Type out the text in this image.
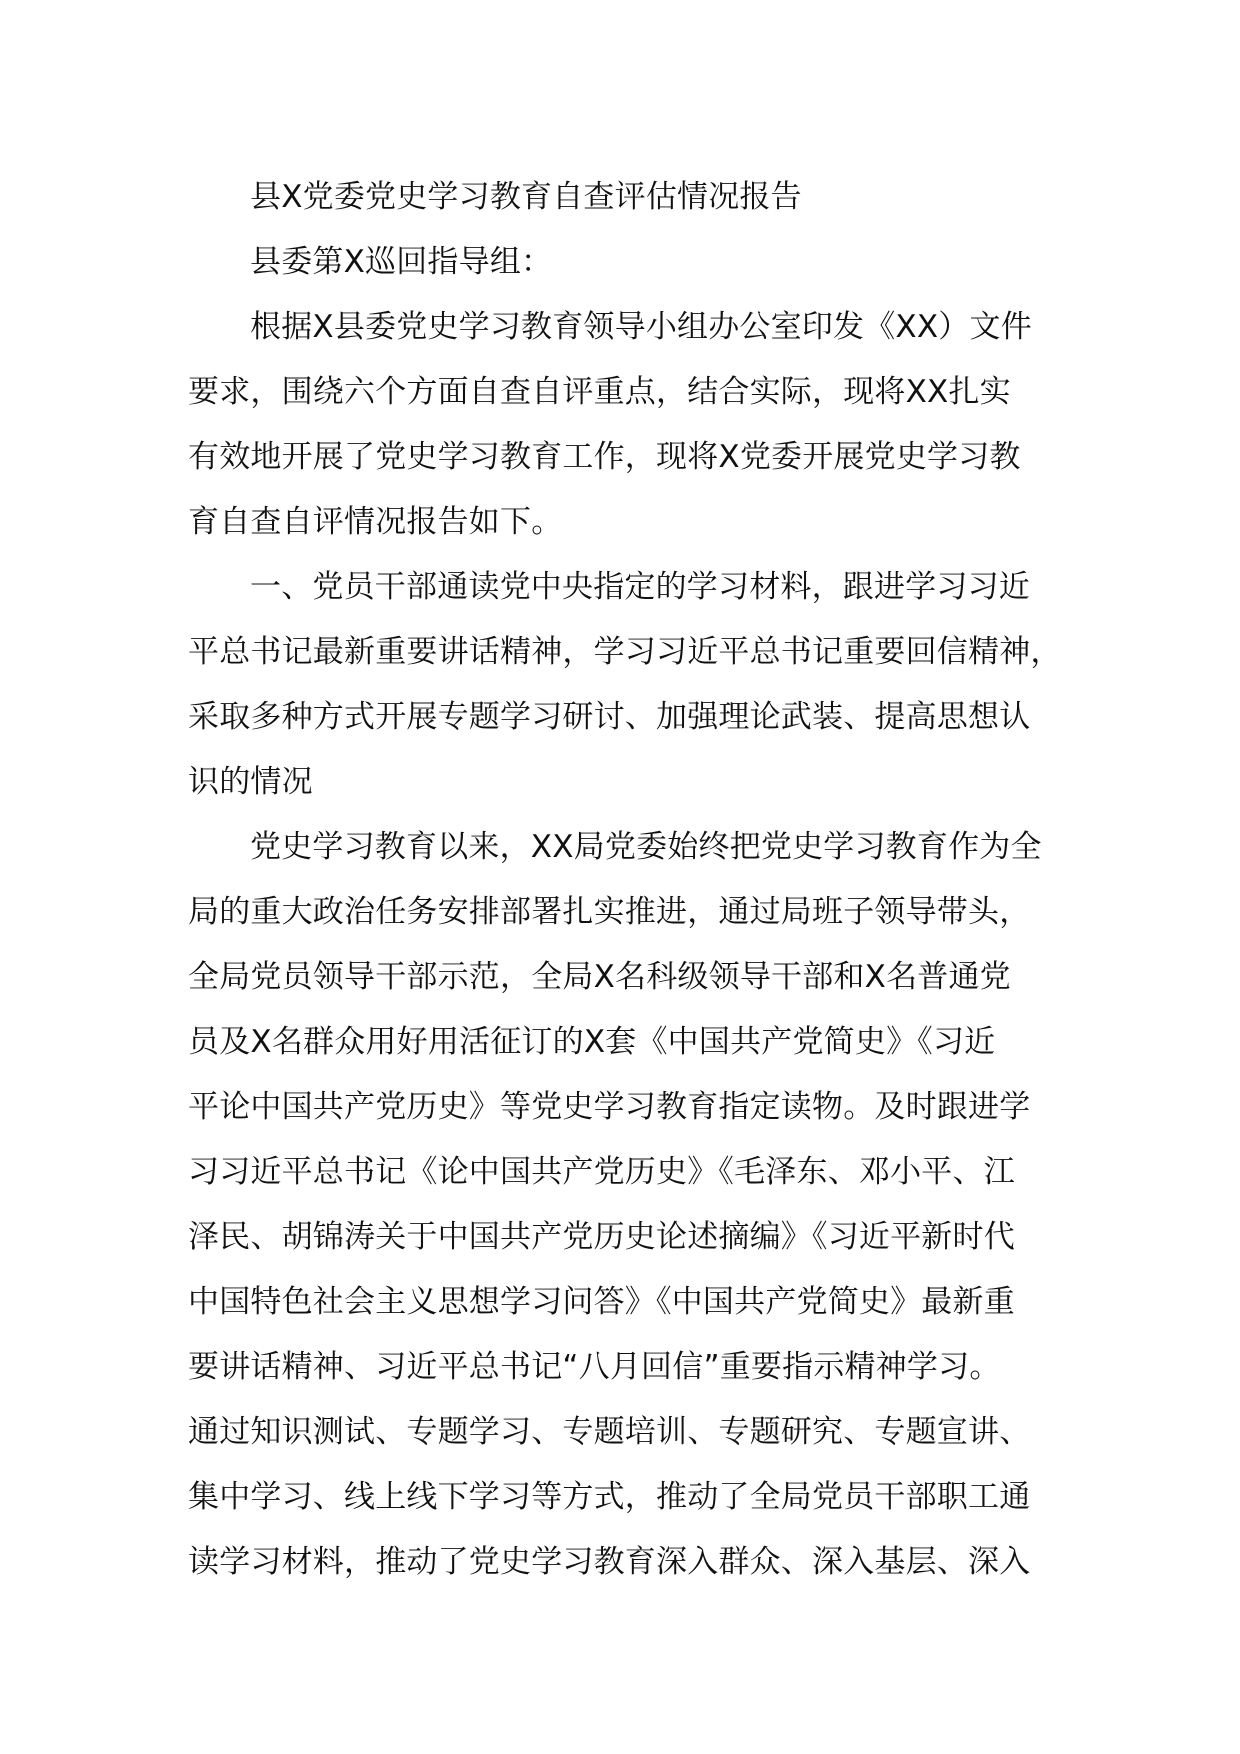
县X党委党史学习教育自查评估情况报告
县委第X巡回指导组：
根据X县委党史学习教育领导小组办公室印发《XX）文件
要求，围绕六个方面自查自评重点，结合实际，现将XX扎实
有效地开展了党史学习教育工作，现将X党委开展党史学习教
育自查自评情况报告如下。
一、党员干部通读党中央指定的学习材料，跟进学习习近
平总书记最新重要讲话精神，学习习近平总书记重要回信精神，
采取多种方式开展专题学习研讨、加强理论武装、提高思想认
识的情况
党史学习教育以来，XX局党委始终把党史学习教育作为全
局的重大政治任务安排部署扎实推进，通过局班子领导带头，
全局党员领导干部示范，全局X名科级领导干部和X名普通党
员及X名群众用好用活征订的X套《中国共产党简史》《习近
平论中国共产党历史》等党史学习教育指定读物。及时跟进学
习习近平总书记《论中国共产党历史》《毛泽东、邓小平、江
泽民、胡锦涛关于中国共产党历史论述摘编》《习近平新时代
中国特色社会主义思想学习问答》《中国共产党简史》最新重
要讲话精神、习近平总书记“八月回信”重要指示精神学习。
通过知识测试、专题学习、专题培训、专题研究、专题宣讲、
集中学习、线上线下学习等方式，推动了全局党员干部职工通
读学习材料，推动了党史学习教育深入群众、深入基层、深入
